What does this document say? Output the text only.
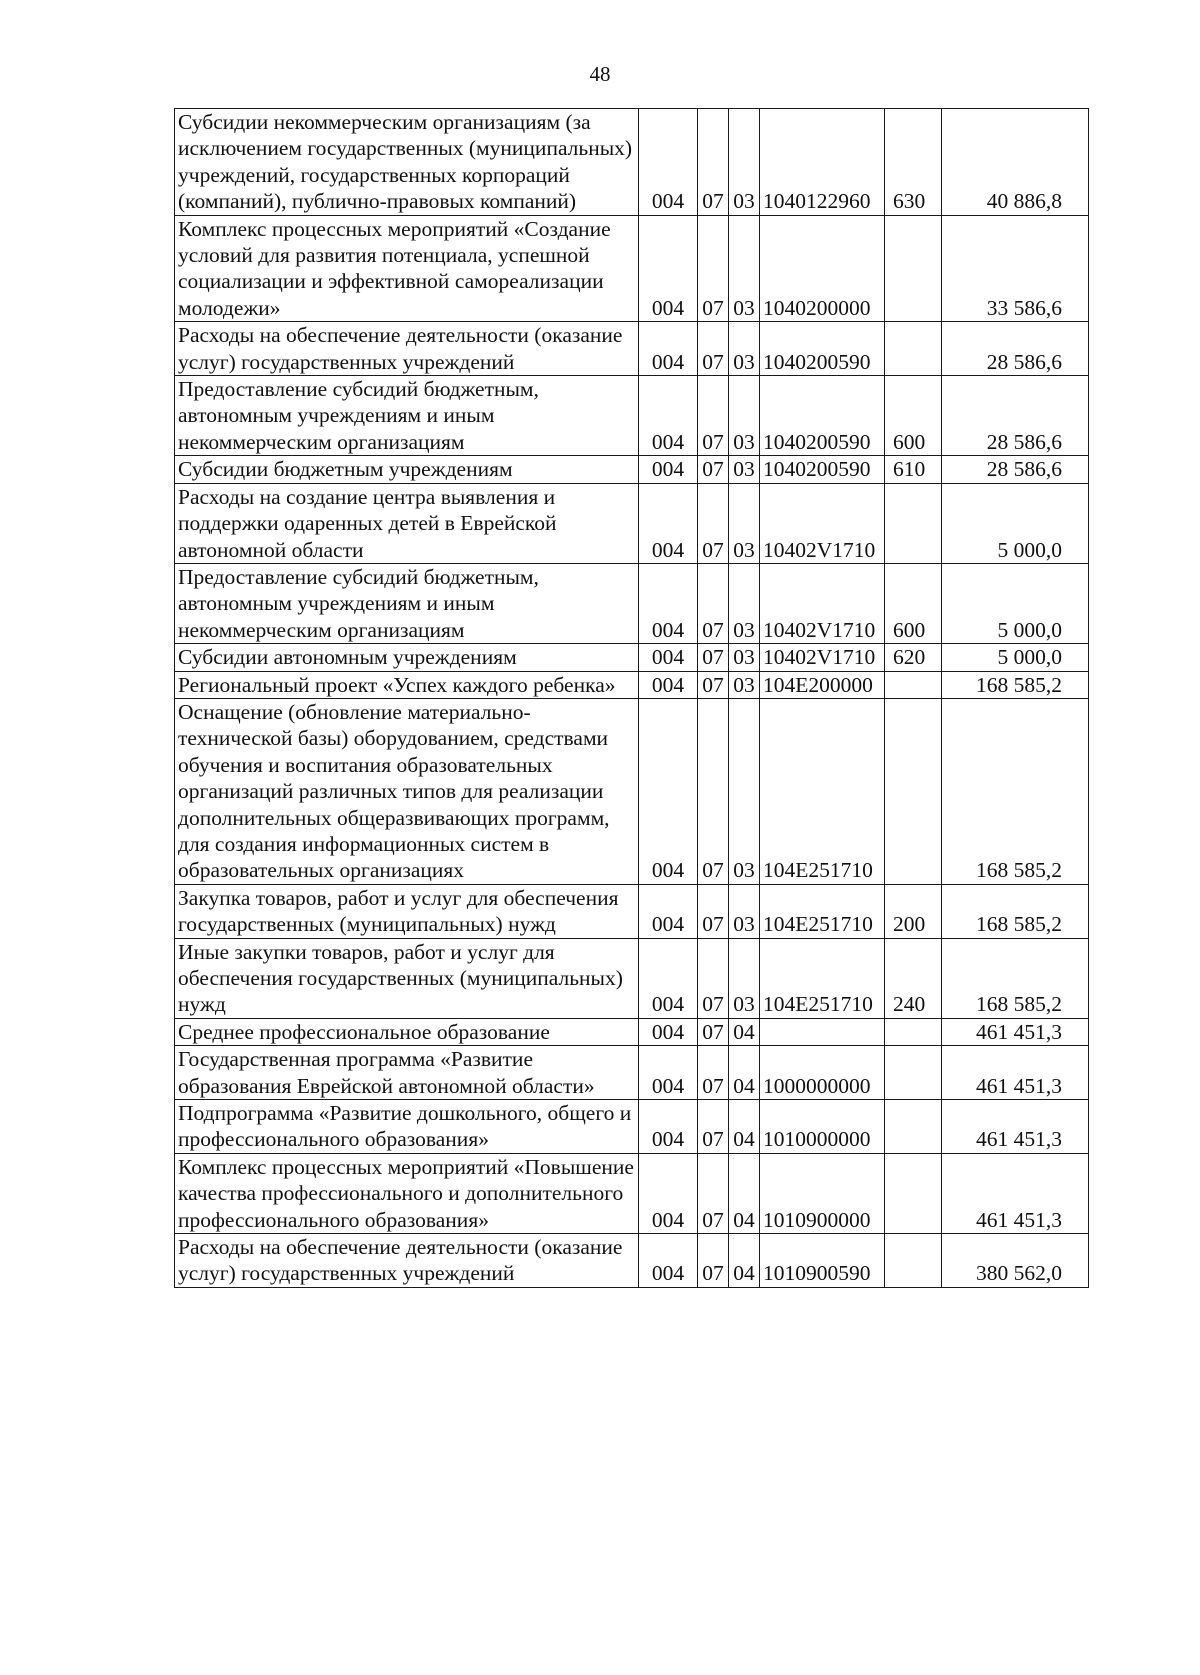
48
Субсидии некоммерческим организациям (за исключением государственных (муниципальных) учреждений, государственных корпораций (компаний), публично-правовых компаний)	004	07	03	1040122960	630	40 886,8
Комплекс процессных мероприятий «Создание условий для развития потенциала, успешной социализации и эффективной самореализации молодежи»	004	07	03	1040200000		33 586,6
Расходы на обеспечение деятельности (оказание услуг) государственных учреждений	004	07	03	1040200590		28 586,6
Предоставление субсидий бюджетным, автономным учреждениям и иным некоммерческим организациям	004	07	03	1040200590	600	28 586,6
Субсидии бюджетным учреждениям	004	07	03	1040200590	610	28 586,6
Расходы на создание центра выявления и поддержки одаренных детей в Еврейской автономной области	004	07	03	10402V1710		5 000,0
Предоставление субсидий бюджетным, автономным учреждениям и иным некоммерческим организациям	004	07	03	10402V1710	600	5 000,0
Субсидии автономным учреждениям	004	07	03	10402V1710	620	5 000,0
Региональный проект «Успех каждого ребенка»	004	07	03	104E200000		168 585,2
Оснащение (обновление материально-технической базы) оборудованием, средствами обучения и воспитания образовательных организаций различных типов для реализации дополнительных общеразвивающих программ, для создания информационных систем в образовательных организациях	004	07	03	104E251710		168 585,2
Закупка товаров, работ и услуг для обеспечения государственных (муниципальных) нужд	004	07	03	104E251710	200	168 585,2
Иные закупки товаров, работ и услуг для обеспечения государственных (муниципальных) нужд	004	07	03	104E251710	240	168 585,2
Среднее профессиональное образование	004	07	04			461 451,3
Государственная программа «Развитие образования Еврейской автономной области»	004	07	04	1000000000		461 451,3
Подпрограмма «Развитие дошкольного, общего и профессионального образования»	004	07	04	1010000000		461 451,3
Комплекс процессных мероприятий «Повышение качества профессионального и дополнительного профессионального образования»	004	07	04	1010900000		461 451,3
Расходы на обеспечение деятельности (оказание услуг) государственных учреждений	004	07	04	1010900590		380 562,0
